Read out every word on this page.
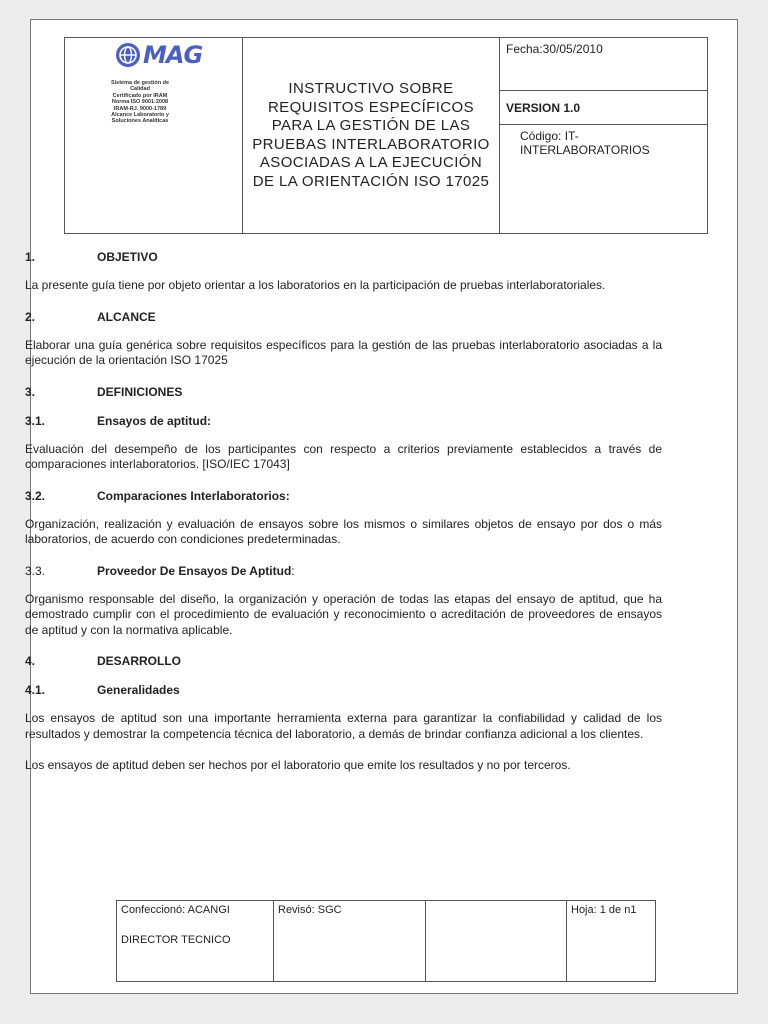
MAG
Sistema de gestión de
Calidad
Certificado por IRAM
Norma ISO 9001:2008
IRAM-RJ. 9000-1789
Alcance Laboratorio y
Soluciones Analíticas
INSTRUCTIVO SOBRE REQUISITOS ESPECÍFICOS PARA LA GESTIÓN DE LAS PRUEBAS INTERLABORATORIO ASOCIADAS A LA EJECUCIÓN DE LA ORIENTACIÓN ISO 17025
Fecha:30/05/2010
VERSION 1.0
Código: IT-INTERLABORATORIOS
1.	OBJETIVO

La presente guía tiene por objeto orientar a los laboratorios en la participación de pruebas interlaboratoriales.

2.	ALCANCE

Elaborar una guía genérica sobre requisitos específicos para la gestión de las pruebas interlaboratorio asociadas a la ejecución de la orientación ISO 17025

3.	DEFINICIONES
3.1.	Ensayos de aptitud:

Evaluación del desempeño de los participantes con respecto a criterios previamente establecidos a través de comparaciones interlaboratorios. [ISO/IEC 17043]

3.2.	Comparaciones Interlaboratorios:

Organización, realización y evaluación de ensayos sobre los mismos o similares objetos de ensayo por dos o más laboratorios, de acuerdo con condiciones predeterminadas.

3.3.	Proveedor De Ensayos De Aptitud :

Organismo responsable del diseño, la organización y operación de todas las etapas del ensayo de aptitud, que ha demostrado cumplir con el procedimiento de evaluación y reconocimiento o acreditación de proveedores de ensayos de aptitud y con la normativa aplicable.

4.	DESARROLLO
4.1.	Generalidades

Los ensayos de aptitud son una importante herramienta externa para garantizar la confiabilidad y calidad de los resultados y demostrar la competencia técnica del laboratorio, a demás de brindar confianza adicional a los clientes.

Los ensayos de aptitud deben ser hechos por el laboratorio que emite los resultados y no por terceros.

Confeccionó: ACANGI
DIRECTOR TECNICO
Revisó: SGC	Hoja: 1 de n1
